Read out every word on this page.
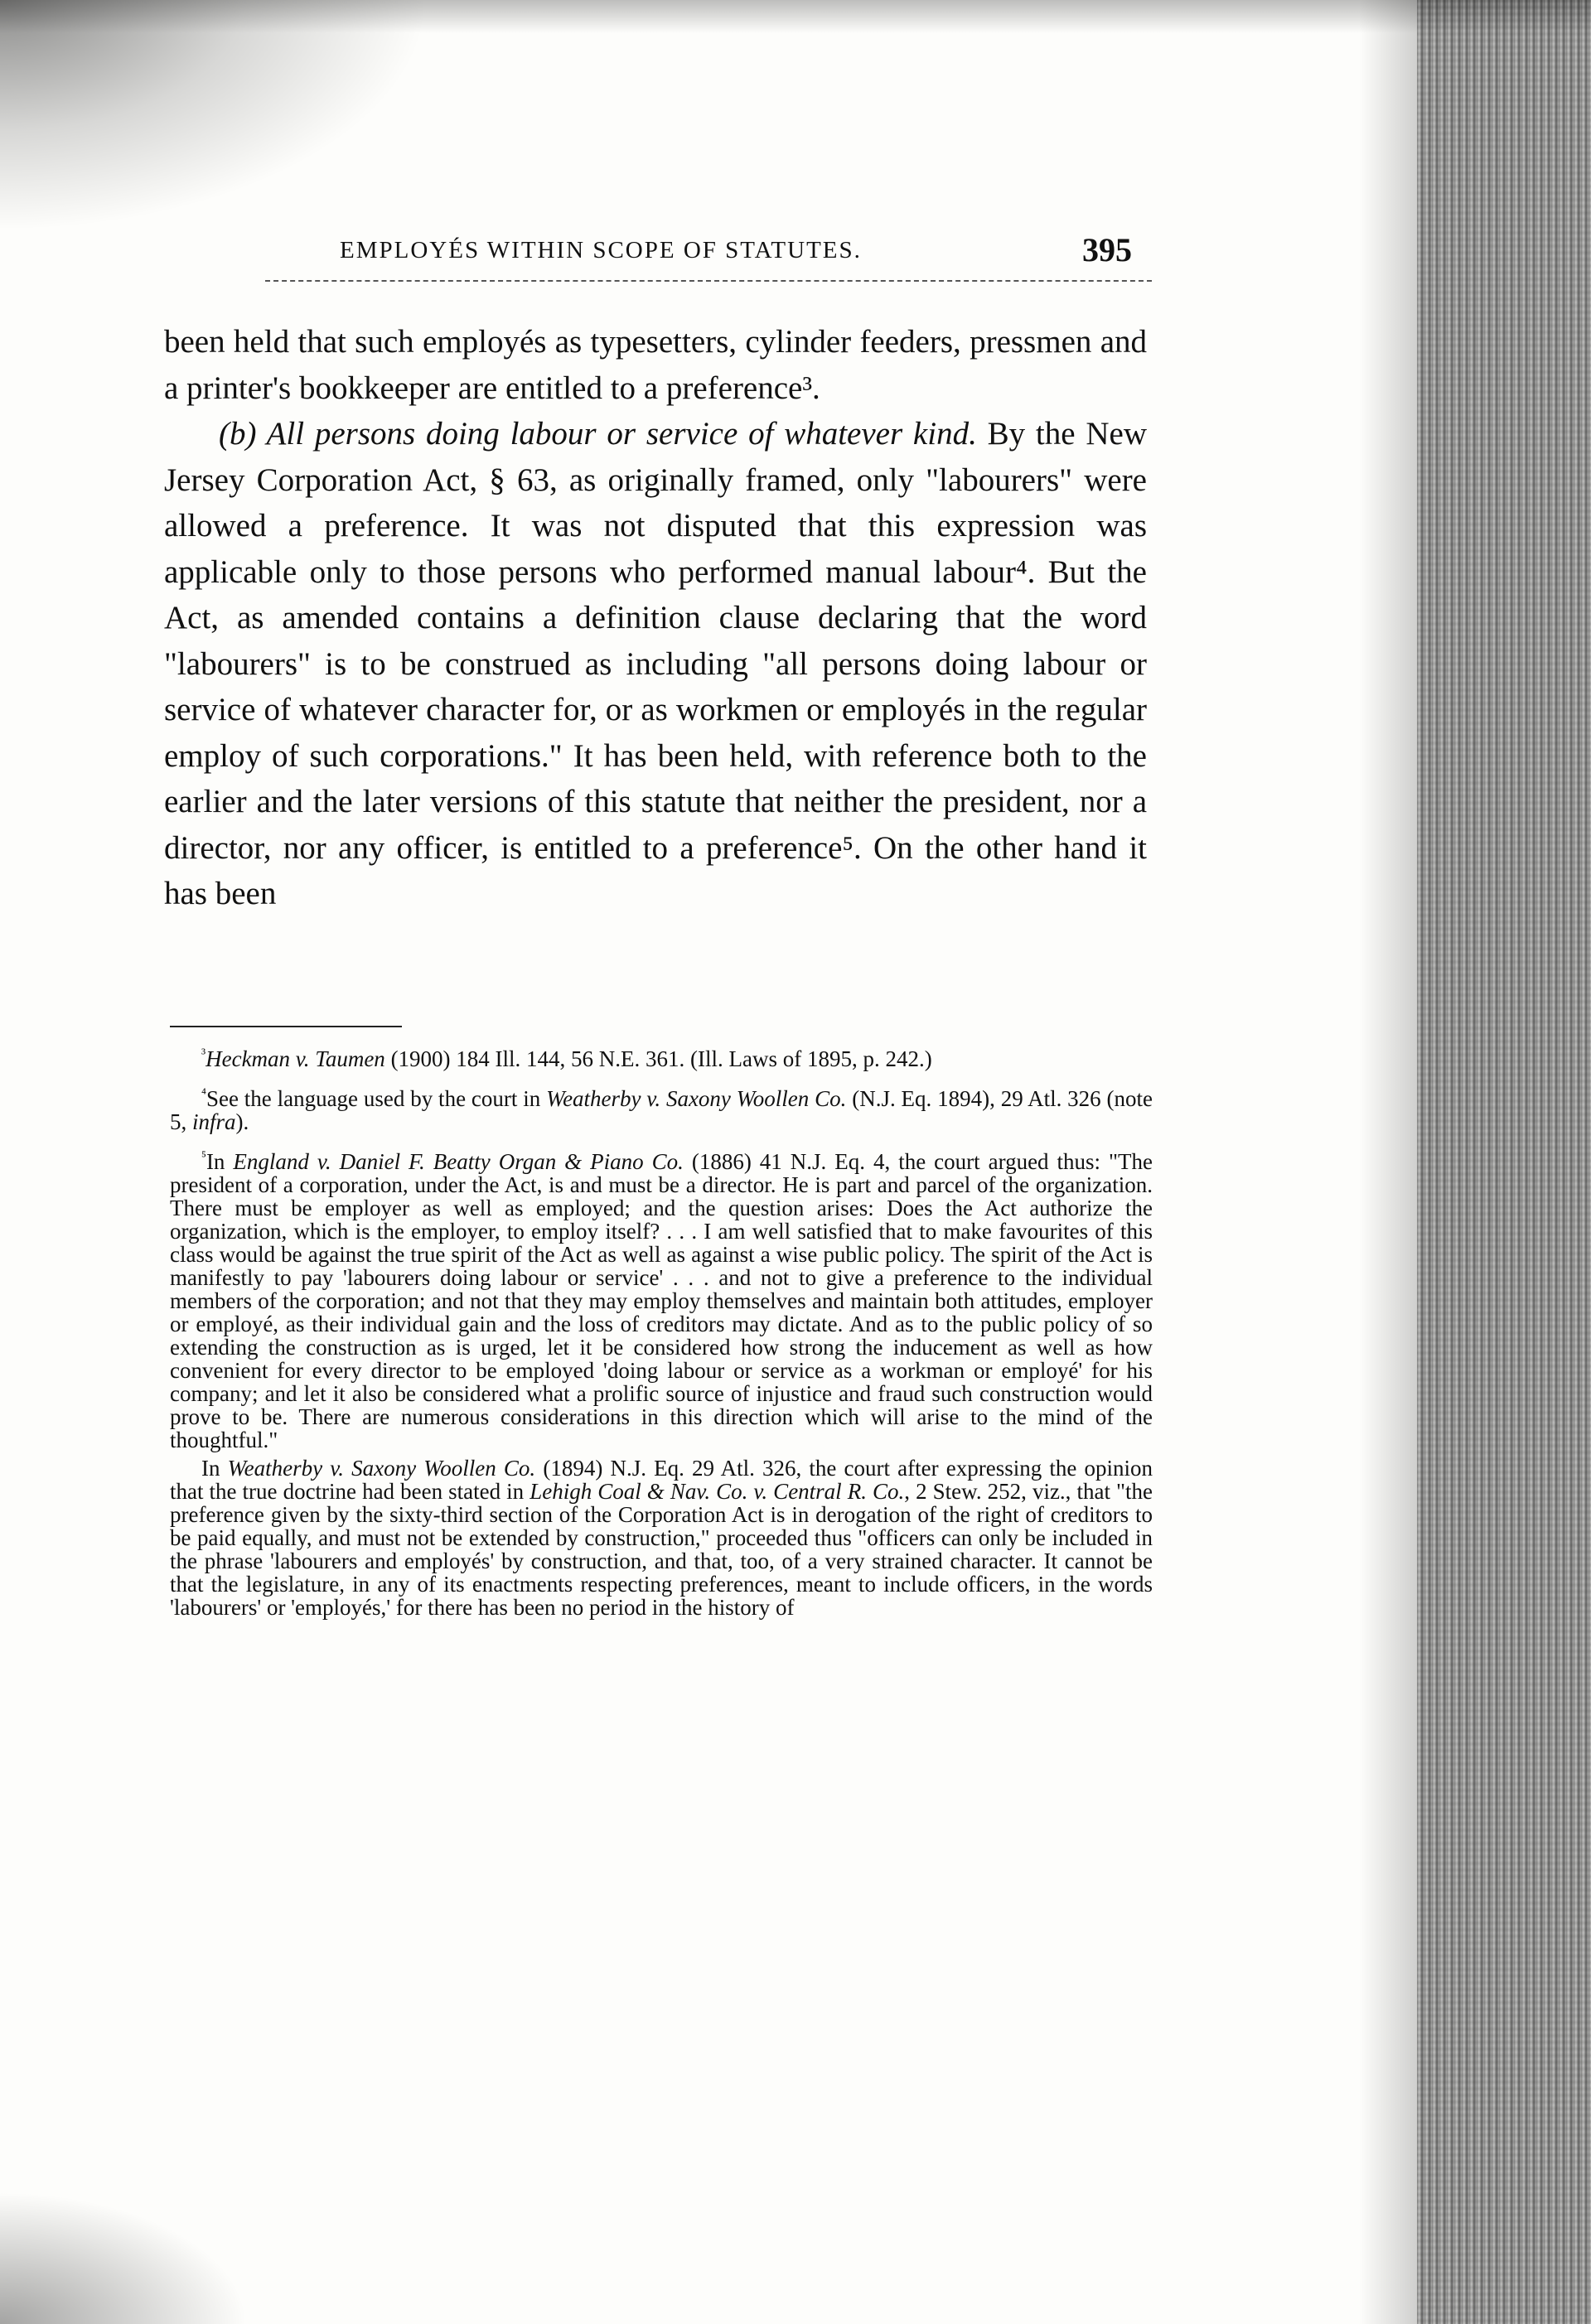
EMPLOYÉS WITHIN SCOPE OF STATUTES.	395

been held that such employés as typesetters, cylinder feeders, pressmen and a printer's bookkeeper are entitled to a preference³.

(b) All persons doing labour or service of whatever kind. By the New Jersey Corporation Act, § 63, as originally framed, only "labourers" were allowed a preference. It was not disputed that this expression was applicable only to those persons who performed manual labour⁴. But the Act, as amended contains a definition clause declaring that the word "labourers" is to be construed as including "all persons doing labour or service of whatever character for, or as workmen or employés in the regular employ of such corporations." It has been held, with reference both to the earlier and the later versions of this statute that neither the president, nor a director, nor any officer, is entitled to a preference⁵. On the other hand it has been

$^{^3}$Heckman v. Taumen (1900) 184 Ill. 144, 56 N.E. 361. (Ill. Laws of 1895, p. 242.)

$^{^4}$See the language used by the court in Weatherby v. Saxony Woollen Co. (N.J. Eq. 1894), 29 Atl. 326 (note 5, infra).

$^{^5}$In England v. Daniel F. Beatty Organ & Piano Co. (1886) 41 N.J. Eq. 4, the court argued thus: "The president of a corporation, under the Act, is and must be a director. He is part and parcel of the organization. There must be employer as well as employed; and the question arises: Does the Act authorize the organization, which is the employer, to employ itself? . . . I am well satisfied that to make favourites of this class would be against the true spirit of the Act as well as against a wise public policy. The spirit of the Act is manifestly to pay 'labourers doing labour or service' . . . and not to give a preference to the individual members of the corporation; and not that they may employ themselves and maintain both attitudes, employer or employé, as their individual gain and the loss of creditors may dictate. And as to the public policy of so extending the construction as is urged, let it be considered how strong the inducement as well as how convenient for every director to be employed 'doing labour or service as a workman or employé' for his company; and let it also be considered what a prolific source of injustice and fraud such construction would prove to be. There are numerous considerations in this direction which will arise to the mind of the thoughtful."

In Weatherby v. Saxony Woollen Co. (1894) N.J. Eq. 29 Atl. 326, the court after expressing the opinion that the true doctrine had been stated in Lehigh Coal & Nav. Co. v. Central R. Co., 2 Stew. 252, viz., that "the preference given by the sixty-third section of the Corporation Act is in derogation of the right of creditors to be paid equally, and must not be extended by construction," proceeded thus "officers can only be included in the phrase 'labourers and employés' by construction, and that, too, of a very strained character. It cannot be that the legislature, in any of its enactments respecting preferences, meant to include officers, in the words 'labourers' or 'employés,' for there has been no period in the history of
